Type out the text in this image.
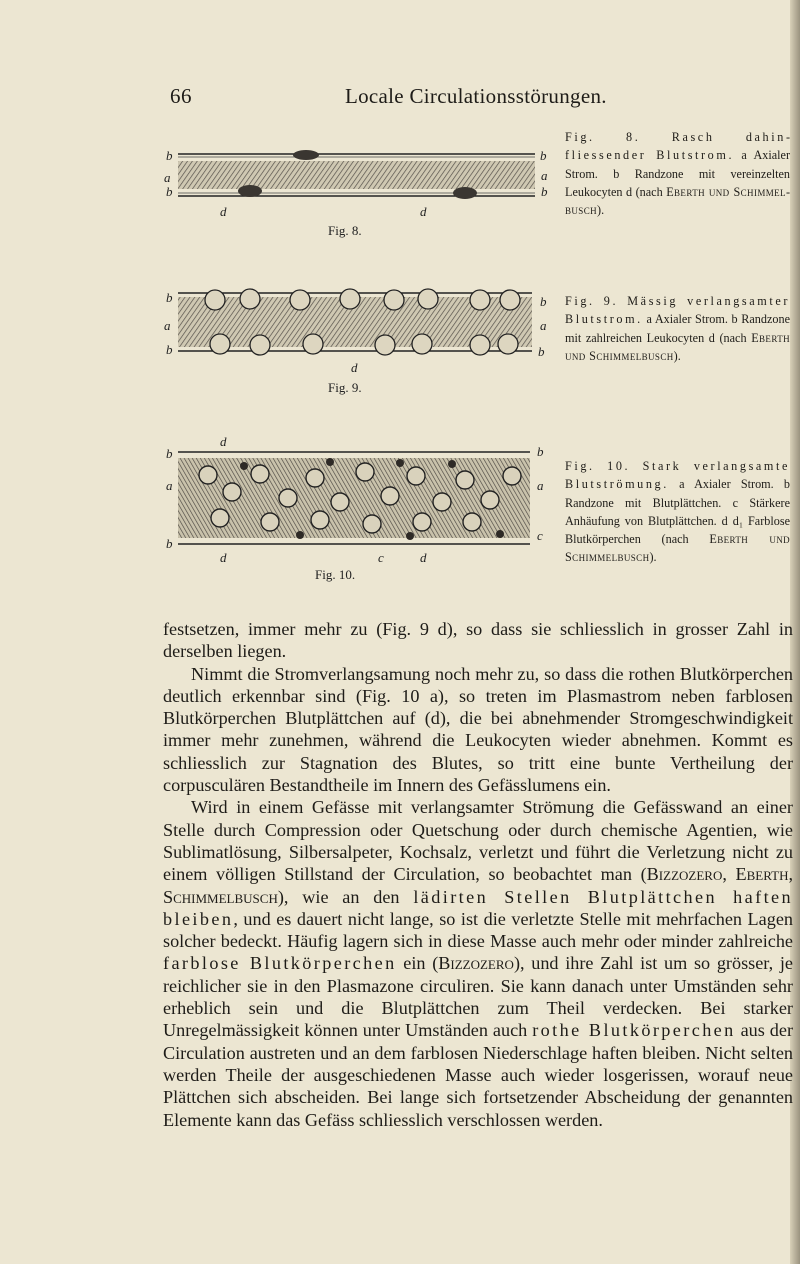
66	Locale Circulationsstörungen.
b
a
b
d
b
a
b
d
Fig. 8.
b
a
b
d
b
a
b
Fig. 9.
d
b
a
b
d	c	d
b
a
c
Fig. 10.
Fig. 8. Rasch dahinfliessender Blutstrom. a Axialer Strom. b Randzone mit vereinzelten Leukocyten d (nach Eberth und Schimmelbusch).
Fig. 9. Mässig verlangsamter Blutstrom. a Axialer Strom. b Randzone mit zahlreichen Leukocyten d (nach Eberth und Schimmelbusch).
Fig. 10. Stark verlangsamte Blutströmung. a Axialer Strom. b Randzone mit Blutplättchen. c Stärkere Anhäufung von Blutplättchen. d d₁ Farblose Blutkörperchen (nach Eberth und Schimmelbusch).

festsetzen, immer mehr zu (Fig. 9 d), so dass sie schliesslich in grosser Zahl in derselben liegen.

Nimmt die Stromverlangsamung noch mehr zu, so dass die rothen Blutkörperchen deutlich erkennbar sind (Fig. 10 a), so treten im Plasmastrom neben farblosen Blutkörperchen Blutplättchen auf (d), die bei abnehmender Stromgeschwindigkeit immer mehr zunehmen, während die Leukocyten wieder abnehmen. Kommt es schliesslich zur Stagnation des Blutes, so tritt eine bunte Vertheilung der corpusculären Bestandtheile im Innern des Gefässlumens ein.

Wird in einem Gefässe mit verlangsamter Strömung die Gefässwand an einer Stelle durch Compression oder Quetschung oder durch chemische Agentien, wie Sublimatlösung, Silbersalpeter, Kochsalz, verletzt und führt die Verletzung nicht zu einem völligen Stillstand der Circulation, so beobachtet man (Bizzozero, Eberth, Schimmelbusch), wie an den lädirten Stellen Blutplättchen haften bleiben, und es dauert nicht lange, so ist die verletzte Stelle mit mehrfachen Lagen solcher bedeckt. Häufig lagern sich in diese Masse auch mehr oder minder zahlreiche farblose Blutkörperchen ein (Bizzozero), und ihre Zahl ist um so grösser, je reichlicher sie in den Plasmazone circuliren. Sie kann danach unter Umständen sehr erheblich sein und die Blutplättchen zum Theil verdecken. Bei starker Unregelmässigkeit können unter Umständen auch rothe Blutkörperchen aus der Circulation austreten und an dem farblosen Niederschlage haften bleiben. Nicht selten werden Theile der ausgeschiedenen Masse auch wieder losgerissen, worauf neue Plättchen sich abscheiden. Bei lange sich fortsetzender Abscheidung der genannten Elemente kann das Gefäss schliesslich verschlossen werden.
